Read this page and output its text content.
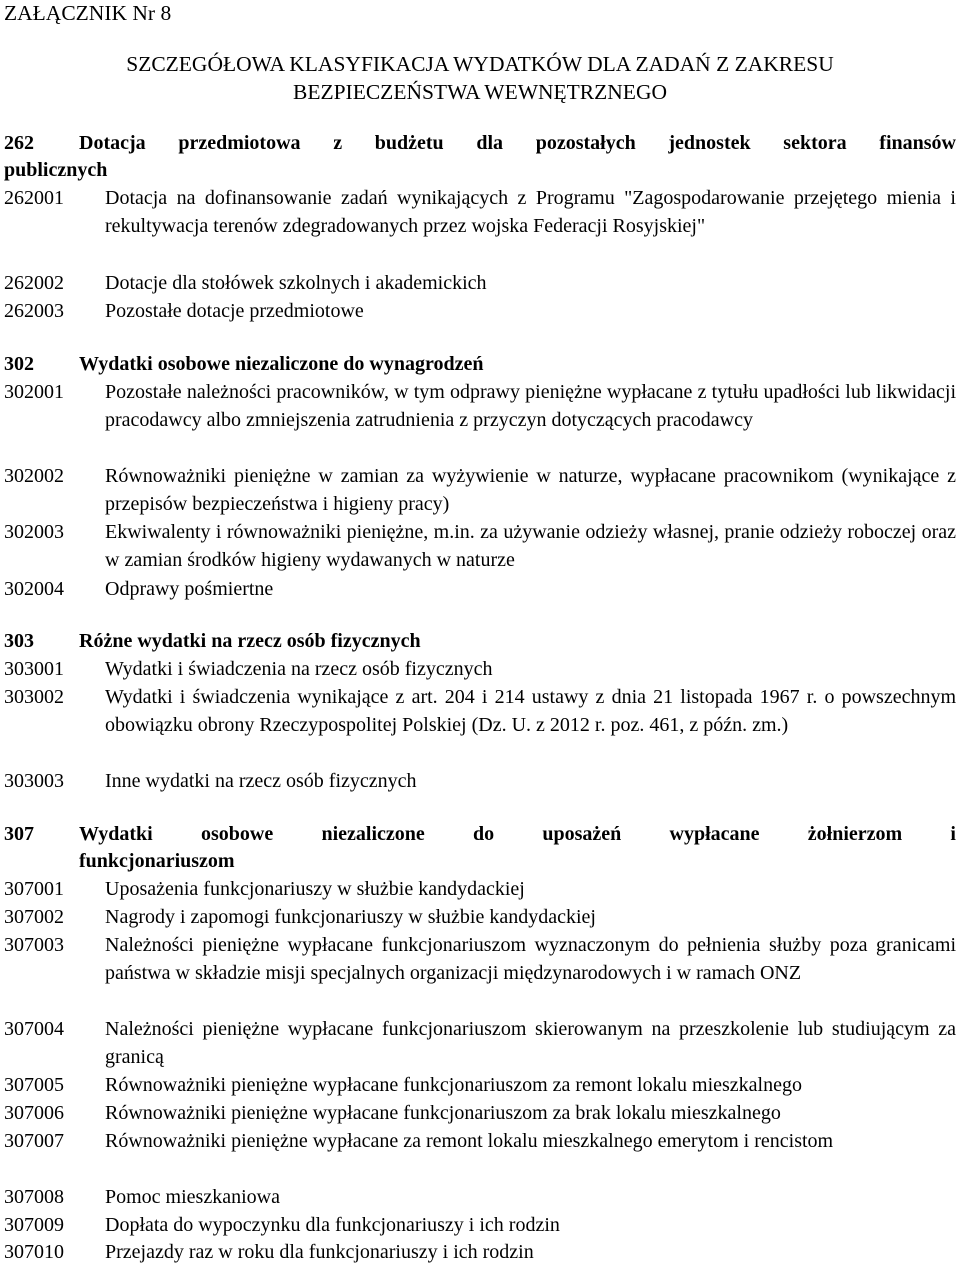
ZAŁĄCZNIK Nr 8
SZCZEGÓŁOWA KLASYFIKACJA WYDATKÓW DLA ZADAŃ Z ZAKRESU
BEZPIECZEŃSTWA WEWNĘTRZNEGO
262 Dotacja przedmiotowa z budżetu dla pozostałych jednostek sektora finansów
publicznych
262001 Dotacja na dofinansowanie zadań wynikających z Programu "Zagospodarowanie przejętego mienia i rekultywacja terenów zdegradowanych przez wojska Federacji Rosyjskiej"
262002 Dotacje dla stołówek szkolnych i akademickich
262003 Pozostałe dotacje przedmiotowe
302 Wydatki osobowe niezaliczone do wynagrodzeń
302001 Pozostałe należności pracowników, w tym odprawy pieniężne wypłacane z tytułu upadłości lub likwidacji pracodawcy albo zmniejszenia zatrudnienia z przyczyn dotyczących pracodawcy
302002 Równoważniki pieniężne w zamian za wyżywienie w naturze, wypłacane pracownikom (wynikające z przepisów bezpieczeństwa i higieny pracy)
302003 Ekwiwalenty i równoważniki pieniężne, m.in. za używanie odzieży własnej, pranie odzieży roboczej oraz w zamian środków higieny wydawanych w naturze
302004 Odprawy pośmiertne
303 Różne wydatki na rzecz osób fizycznych
303001 Wydatki i świadczenia na rzecz osób fizycznych
303002 Wydatki i świadczenia wynikające z art. 204 i 214 ustawy z dnia 21 listopada 1967 r. o powszechnym obowiązku obrony Rzeczypospolitej Polskiej (Dz. U. z 2012 r. poz. 461, z późn. zm.)
303003 Inne wydatki na rzecz osób fizycznych
307 Wydatki osobowe niezaliczone do uposażeń wypłacane żołnierzom i
funkcjonariuszom
307001 Uposażenia funkcjonariuszy w służbie kandydackiej
307002 Nagrody i zapomogi funkcjonariuszy w służbie kandydackiej
307003 Należności pieniężne wypłacane funkcjonariuszom wyznaczonym do pełnienia służby poza granicami państwa w składzie misji specjalnych organizacji międzynarodowych i w ramach ONZ
307004 Należności pieniężne wypłacane funkcjonariuszom skierowanym na przeszkolenie lub studiującym za granicą
307005 Równoważniki pieniężne wypłacane funkcjonariuszom za remont lokalu mieszkalnego
307006 Równoważniki pieniężne wypłacane funkcjonariuszom za brak lokalu mieszkalnego
307007 Równoważniki pieniężne wypłacane za remont lokalu mieszkalnego emerytom i rencistom
307008 Pomoc mieszkaniowa
307009 Dopłata do wypoczynku dla funkcjonariuszy i ich rodzin
307010 Przejazdy raz w roku dla funkcjonariuszy i ich rodzin
